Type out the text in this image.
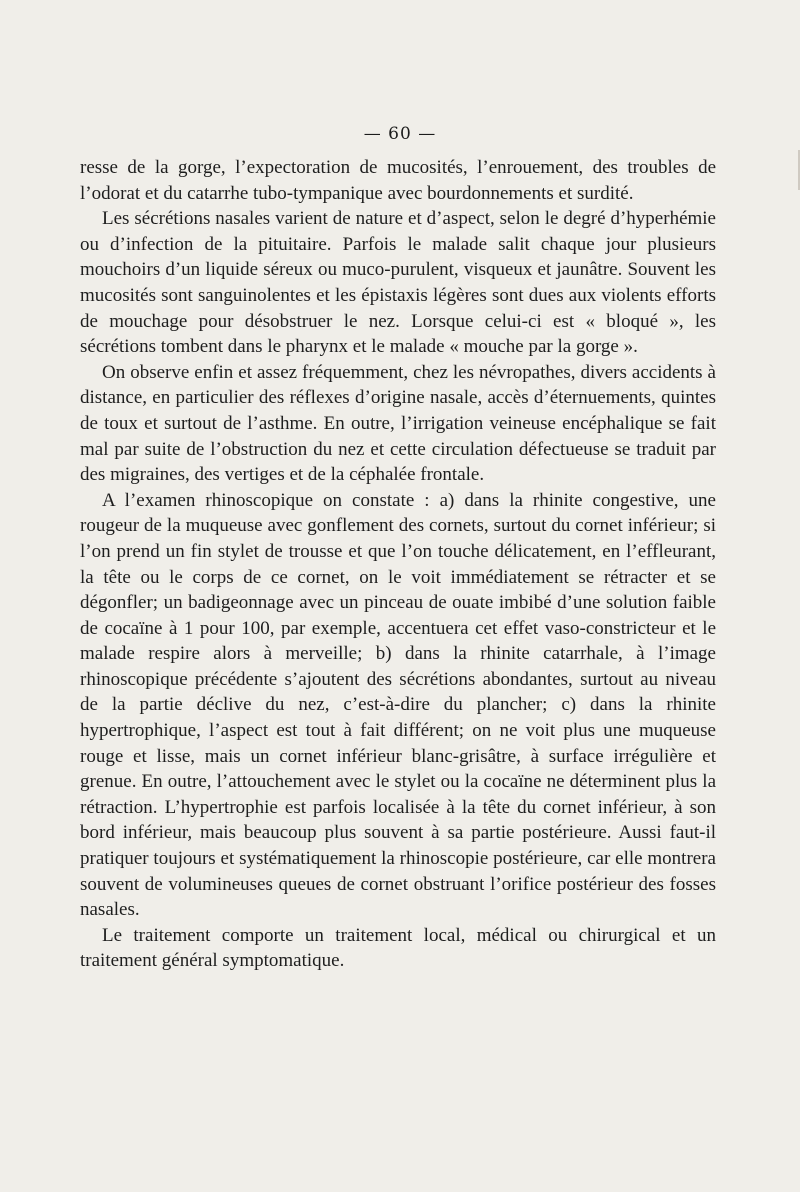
— 60 —

resse de la gorge, l’expectoration de mucosités, l’enrouement, des troubles de l’odorat et du catarrhe tubo-tympanique avec bourdonnements et surdité.

Les sécrétions nasales varient de nature et d’aspect, selon le degré d’hyperhémie ou d’infection de la pituitaire. Parfois le malade salit chaque jour plusieurs mouchoirs d’un liquide séreux ou muco-purulent, visqueux et jaunâtre. Souvent les mucosités sont sanguinolentes et les épistaxis légères sont dues aux violents efforts de mouchage pour désobstruer le nez. Lorsque celui-ci est « bloqué », les sécrétions tombent dans le pharynx et le malade « mouche par la gorge ».

On observe enfin et assez fréquemment, chez les névropathes, divers accidents à distance, en particulier des réflexes d’origine nasale, accès d’éternuements, quintes de toux et surtout de l’asthme. En outre, l’irrigation veineuse encéphalique se fait mal par suite de l’obstruction du nez et cette circulation défectueuse se traduit par des migraines, des vertiges et de la céphalée frontale.

A l’examen rhinoscopique on constate : a) dans la rhinite congestive, une rougeur de la muqueuse avec gonflement des cornets, surtout du cornet inférieur; si l’on prend un fin stylet de trousse et que l’on touche délicatement, en l’effleurant, la tête ou le corps de ce cornet, on le voit immédiatement se rétracter et se dégonfler; un badigeonnage avec un pinceau de ouate imbibé d’une solution faible de cocaïne à 1 pour 100, par exemple, accentuera cet effet vaso-constricteur et le malade respire alors à merveille; b) dans la rhinite catarrhale, à l’image rhinoscopique précédente s’ajoutent des sécrétions abondantes, surtout au niveau de la partie déclive du nez, c’est-à-dire du plancher; c) dans la rhinite hypertrophique, l’aspect est tout à fait différent; on ne voit plus une muqueuse rouge et lisse, mais un cornet inférieur blanc-grisâtre, à surface irrégulière et grenue. En outre, l’attouchement avec le stylet ou la cocaïne ne déterminent plus la rétraction. L’hypertrophie est parfois localisée à la tête du cornet inférieur, à son bord inférieur, mais beaucoup plus souvent à sa partie postérieure. Aussi faut-il pratiquer toujours et systématiquement la rhinoscopie postérieure, car elle montrera souvent de volumineuses queues de cornet obstruant l’orifice postérieur des fosses nasales.

Le traitement comporte un traitement local, médical ou chirurgical et un traitement général symptomatique.
